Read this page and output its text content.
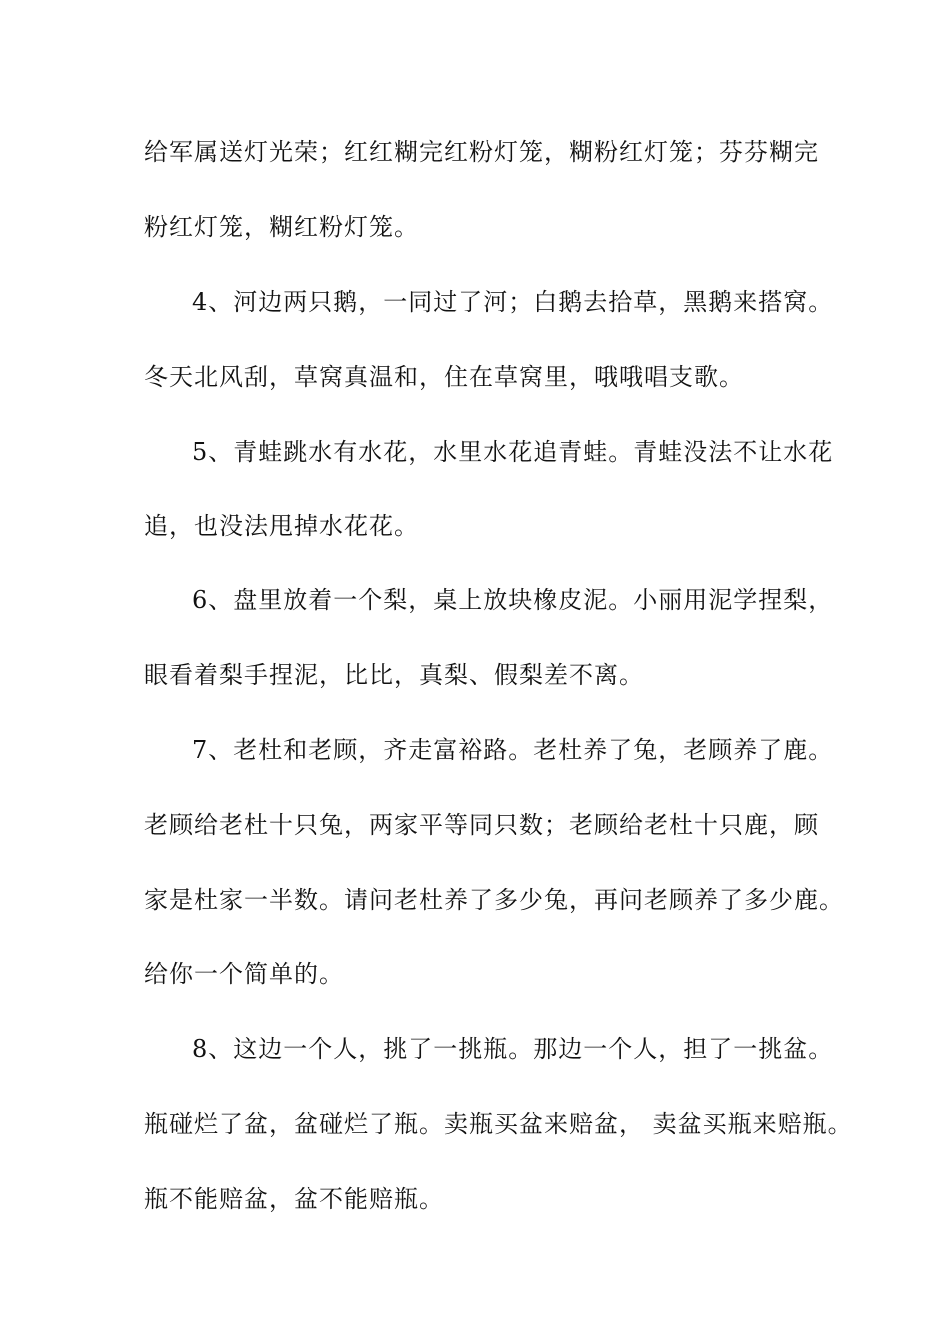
给军属送灯光荣；红红糊完红粉灯笼，糊粉红灯笼；芬芬糊完
粉红灯笼，糊红粉灯笼。
4、河边两只鹅，一同过了河；白鹅去拾草，黑鹅来搭窝。
冬天北风刮，草窝真温和，住在草窝里，哦哦唱支歌。
5、青蛙跳水有水花，水里水花追青蛙。青蛙没法不让水花
追，也没法甩掉水花花。
6、盘里放着一个梨，桌上放块橡皮泥。小丽用泥学捏梨，
眼看着梨手捏泥，比比，真梨、假梨差不离。
7、老杜和老顾，齐走富裕路。老杜养了兔，老顾养了鹿。
老顾给老杜十只兔，两家平等同只数；老顾给老杜十只鹿，顾
家是杜家一半数。请问老杜养了多少兔，再问老顾养了多少鹿。
给你一个简单的。
8、这边一个人，挑了一挑瓶。那边一个人，担了一挑盆。
瓶碰烂了盆，盆碰烂了瓶。卖瓶买盆来赔盆， 卖盆买瓶来赔瓶。
瓶不能赔盆，盆不能赔瓶。
